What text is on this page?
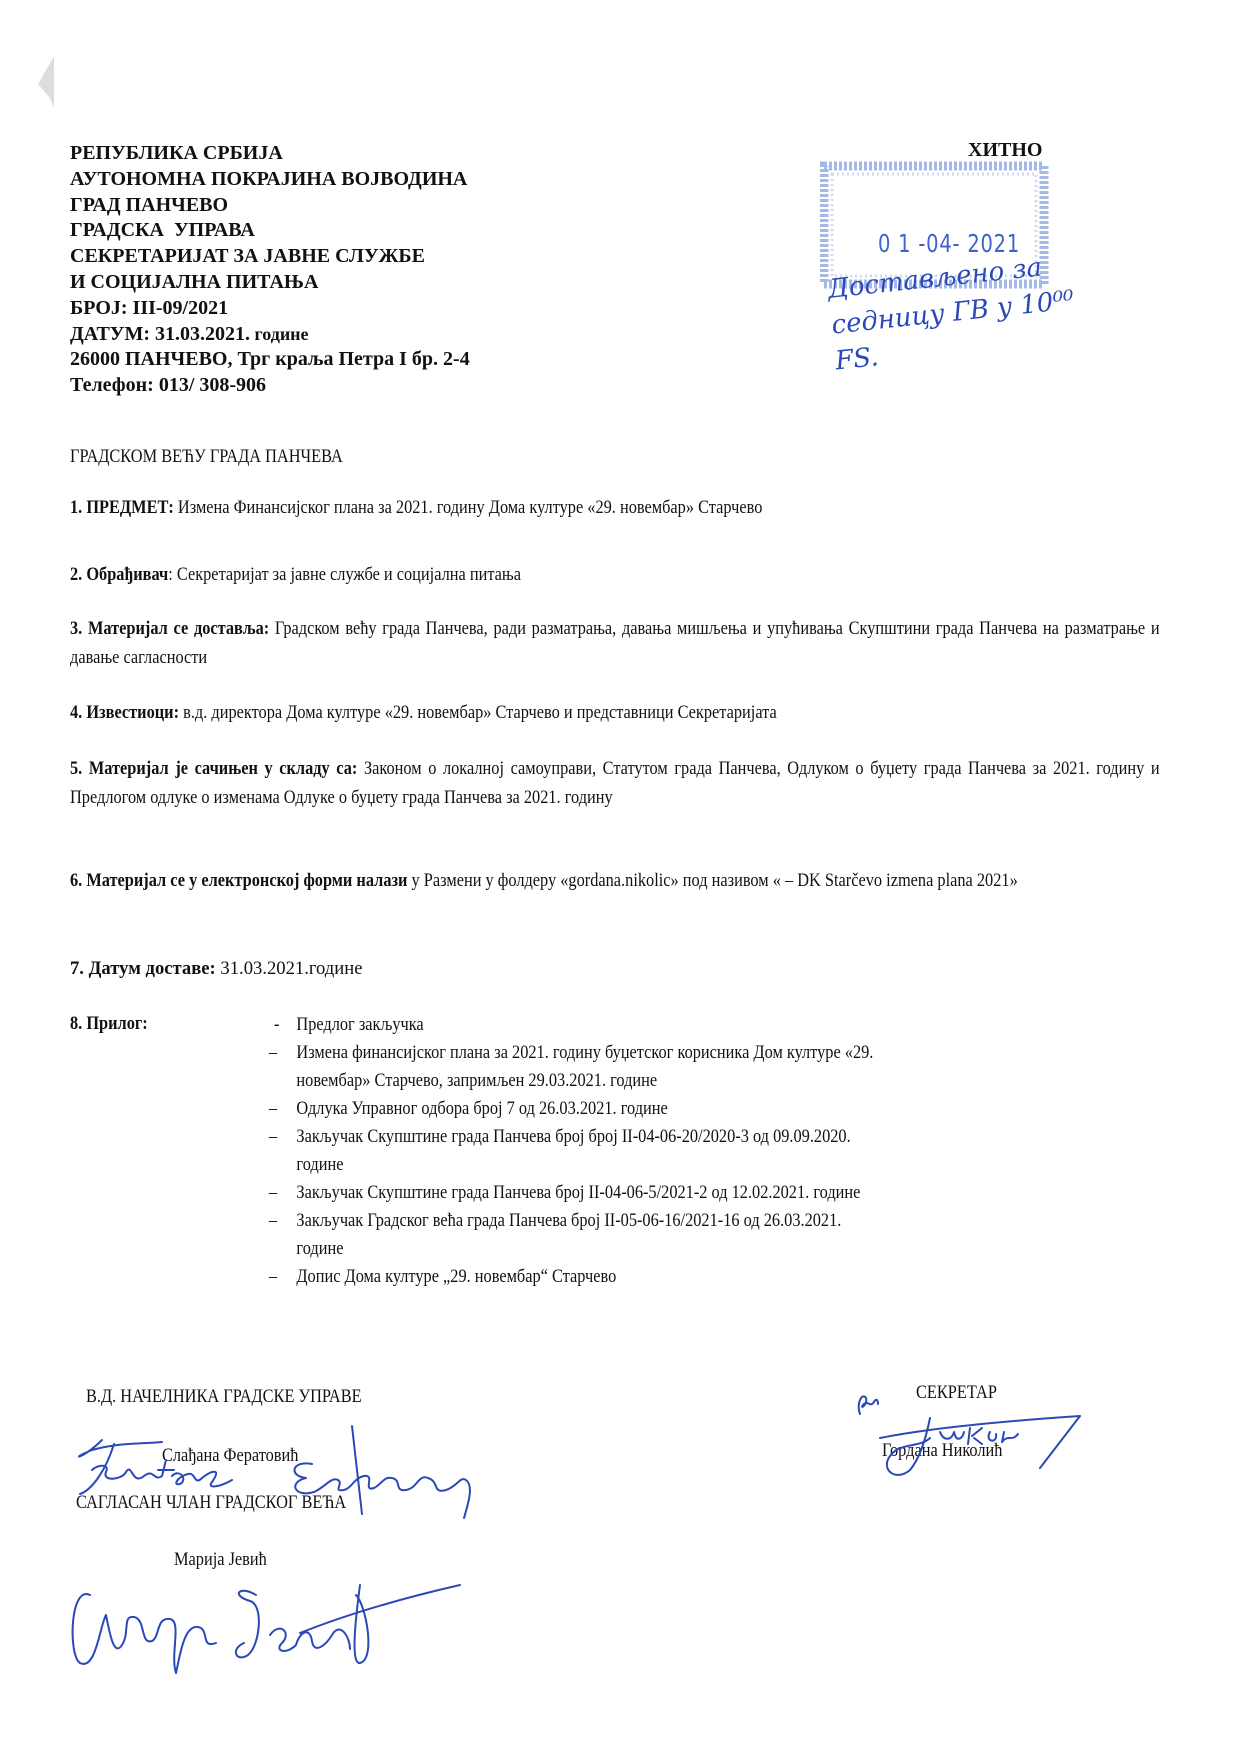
РЕПУБЛИКА СРБИЈА
АУТОНОМНА ПОКРАЈИНА ВОЈВОДИНА
ГРАД ПАНЧЕВО
ГРАДСКА  УПРАВА
СЕКРЕТАРИЈАТ ЗА ЈАВНЕ СЛУЖБЕ
И СОЦИЈАЛНА ПИТАЊА
БРОЈ: III-09/2021
ДАТУМ: 31.03.2021. године
26000 ПАНЧЕВО, Трг краља Петра I бр. 2-4
Телефон: 013/ 308-906
ХИТНО
0 1 -04- 2021
Достављено за седницу ГВ у 10⁰⁰ FS.
ГРАДСКОМ ВЕЋУ ГРАДА ПАНЧЕВА
1. ПРЕДМЕТ: Измена Финансијског плана за 2021. годину Дома културе «29. новембар» Старчево
2. Обрађивач: Секретаријат за јавне службе и социјална питања
3. Материјал се доставља: Градском већу града Панчева, ради разматрања, давања мишљења и упућивања Скупштини града Панчева на разматрање и давање сагласности
4. Известиоци: в.д. директора Дома културе «29. новембар» Старчево и представници Секретаријата
5. Материјал је сачињен у складу са: Законом о локалној самоуправи, Статутом града Панчева, Одлуком о буџету града Панчева за 2021. годину и Предлогом одлуке о изменама Одлуке о буџету града Панчева за 2021. годину
6. Материјал се у електронској форми налази у Размени у фолдеру «gordana.nikolic» под називом « – DK Starčevo izmena plana 2021»
7. Датум доставе: 31.03.2021.године
8. Прилог:	- Предлог закључка
–	Измена финансијског плана за 2021. годину буџетског корисника Дом културе «29.
новембар» Старчево, запримљен 29.03.2021. године
–	Одлука Управног одбора број 7 од 26.03.2021. године
–	Закључак Скупштине града Панчева број број II-04-06-20/2020-3 од 09.09.2020.
године
–	Закључак Скупштине града Панчева број II-04-06-5/2021-2 од 12.02.2021. године
–	Закључак Градског већа града Панчева број II-05-06-16/2021-16 од 26.03.2021.
године
–	Допис Дома културе „29. новембар“ Старчево
В.Д. НАЧЕЛНИКА ГРАДСКЕ УПРАВЕ
Слађана Фератовић
САГЛАСАН ЧЛАН ГРАДСКОГ ВЕЋА
Марија Јевић
СЕКРЕТАР
Гордана Николић
